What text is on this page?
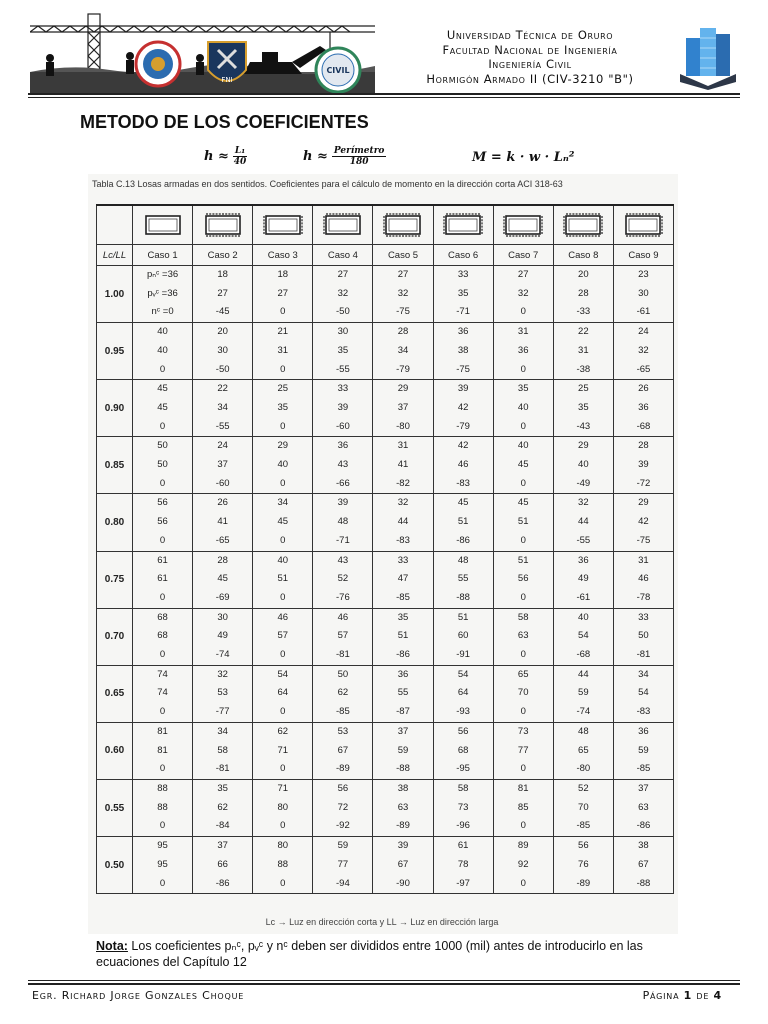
FNI
CIVIL
Universidad Técnica de Oruro
Facultad Nacional de Ingeniería
Ingeniería Civil
Hormigón Armado II (CIV-3210 "B")
METODO DE LOS COEFICIENTES
$h \approx \frac{\text{L₁}}{40}$	$h \approx \frac{\text{Perímetro}}{180}$	M = k · w · Lₙ²
Tabla C.13 Losas armadas en dos sentidos. Coeficientes para el cálculo de momento en la dirección corta ACI 318-63

Lc/LL	Caso 1	Caso 2	Caso 3	Caso 4	Caso 5	Caso 6	Caso 7	Caso 8	Caso 9
1.00	pₙᶜ =36
pᵥᶜ =36
nᶜ =0	18
27
-45	18
27
0	27
32
-50	27
32
-75	33
35
-71	27
32
0	20
28
-33	23
30
-61

0.95	40
40
0	20
30
-50	21
31
0	30
35
-55	28
34
-79	36
38
-75	31
36
0	22
31
-38	24
32
-65

0.90	45
45
0	22
34
-55	25
35
0	33
39
-60	29
37
-80	39
42
-79	35
40
0	25
35
-43	26
36
-68

0.85	50
50
0	24
37
-60	29
40
0	36
43
-66	31
41
-82	42
46
-83	40
45
0	29
40
-49	28
39
-72

0.80	56
56
0	26
41
-65	34
45
0	39
48
-71	32
44
-83	45
51
-86	45
51
0	32
44
-55	29
42
-75

0.75	61
61
0	28
45
-69	40
51
0	43
52
-76	33
47
-85	48
55
-88	51
56
0	36
49
-61	31
46
-78

0.70	68
68
0	30
49
-74	46
57
0	46
57
-81	35
51
-86	51
60
-91	58
63
0	40
54
-68	33
50
-81

0.65	74
74
0	32
53
-77	54
64
0	50
62
-85	36
55
-87	54
64
-93	65
70
0	44
59
-74	34
54
-83

0.60	81
81
0	34
58
-81	62
71
0	53
67
-89	37
59
-88	56
68
-95	73
77
0	48
65
-80	36
59
-85

0.55	88
88
0	35
62
-84	71
80
0	56
72
-92	38
63
-89	58
73
-96	81
85
0	52
70
-85	37
63
-86

0.50	95
95
0	37
66
-86	80
88
0	59
77
-94	39
67
-90	61
78
-97	89
92
0	56
76
-89	38
67
-88
Lc → Luz en dirección corta y LL → Luz en dirección larga
Nota: Los coeficientes pₙᶜ, pᵥᶜ y nᶜ deben ser divididos entre 1000 (mil) antes de introducirlo en las ecuaciones del Capítulo 12
Egr. Richard Jorge Gonzales Choque	Página 1 de 4
